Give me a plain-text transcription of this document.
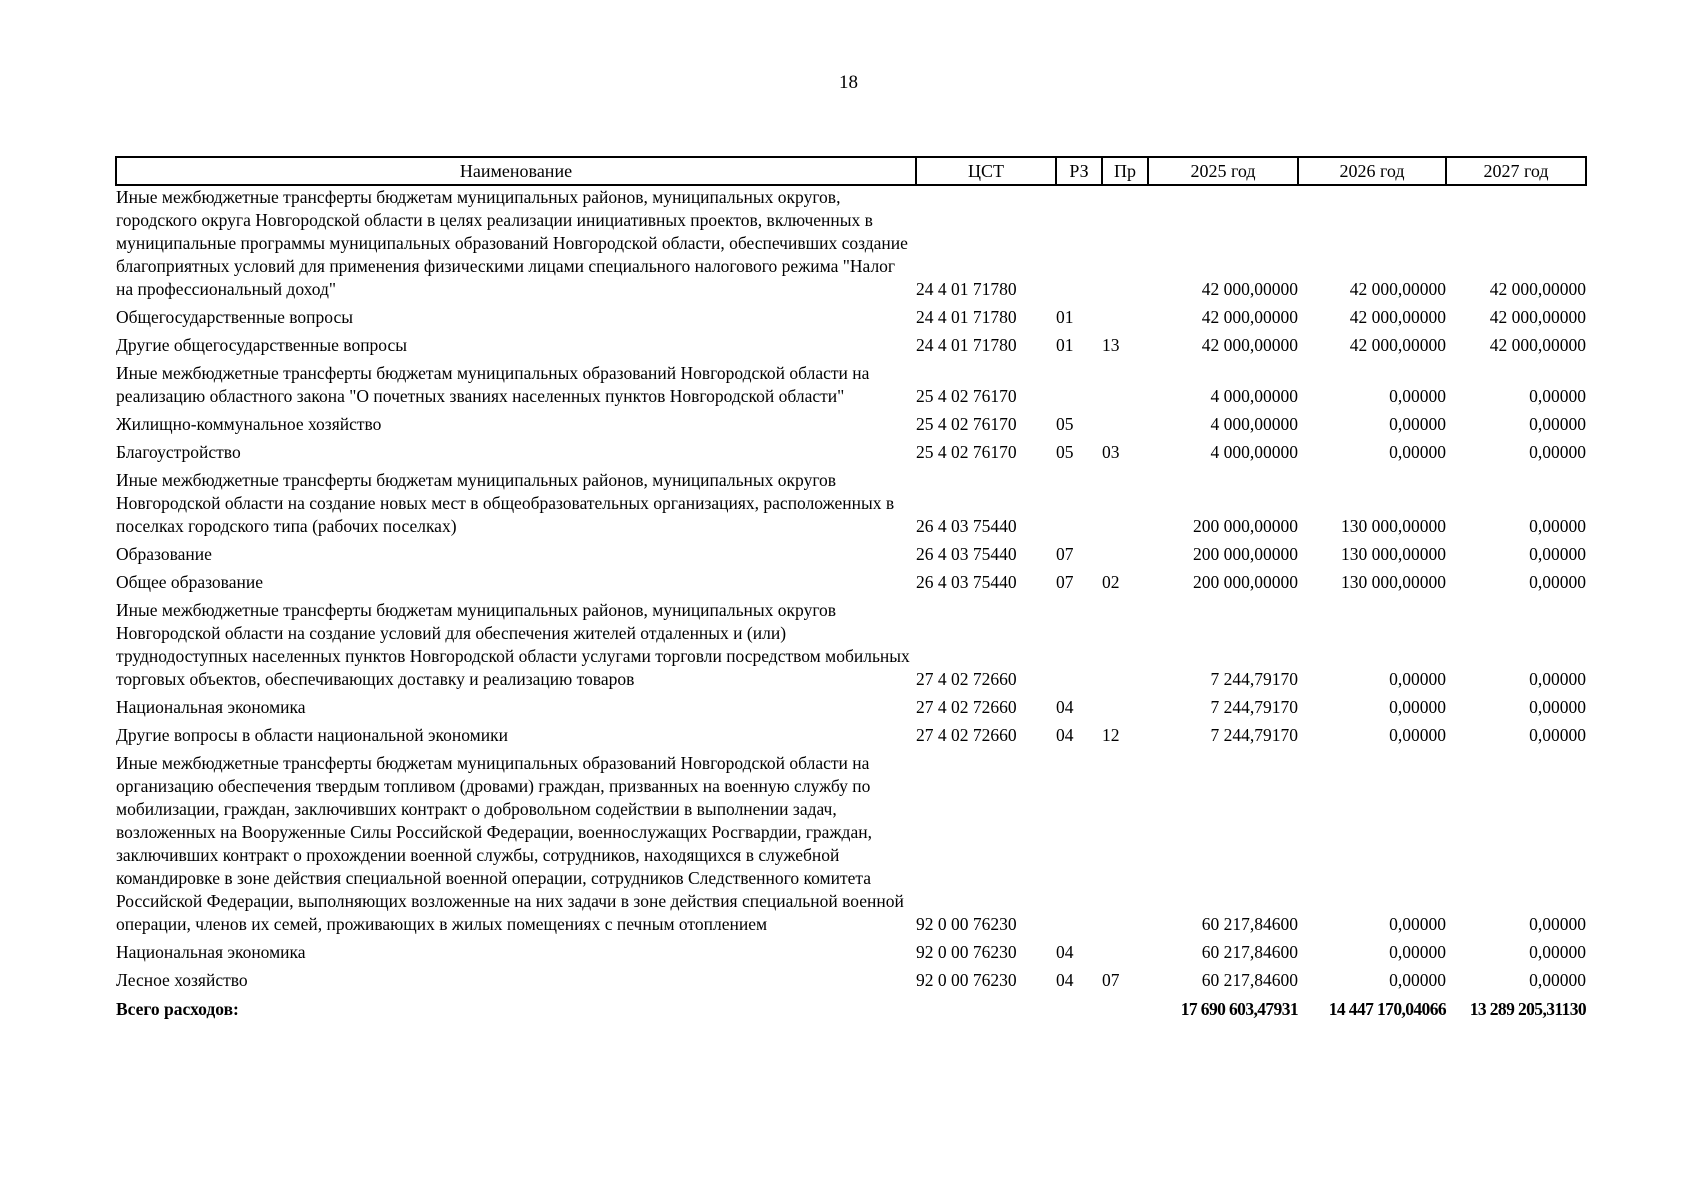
18
Наименование	ЦСТ	РЗ	Пр	2025 год	2026 год	2027 год
Иные межбюджетные трансферты бюджетам муниципальных районов, муниципальных округов, городского округа Новгородской области в целях реализации инициативных проектов, включенных в муниципальные программы муниципальных образований Новгородской области, обеспечивших создание благоприятных условий для применения физическими лицами специального налогового режима "Налог на профессиональный доход"	24 4 01 71780			42 000,00000	42 000,00000	42 000,00000
Общегосударственные вопросы	24 4 01 71780	01		42 000,00000	42 000,00000	42 000,00000
Другие общегосударственные вопросы	24 4 01 71780	01	13	42 000,00000	42 000,00000	42 000,00000
Иные межбюджетные трансферты бюджетам муниципальных образований Новгородской области на реализацию областного закона "О почетных званиях населенных пунктов Новгородской области"	25 4 02 76170			4 000,00000	0,00000	0,00000
Жилищно-коммунальное хозяйство	25 4 02 76170	05		4 000,00000	0,00000	0,00000
Благоустройство	25 4 02 76170	05	03	4 000,00000	0,00000	0,00000
Иные межбюджетные трансферты бюджетам муниципальных районов, муниципальных округов Новгородской области на создание новых мест в общеобразовательных организациях, расположенных в поселках городского типа (рабочих поселках)	26 4 03 75440			200 000,00000	130 000,00000	0,00000
Образование	26 4 03 75440	07		200 000,00000	130 000,00000	0,00000
Общее образование	26 4 03 75440	07	02	200 000,00000	130 000,00000	0,00000
Иные межбюджетные трансферты бюджетам муниципальных районов, муниципальных округов Новгородской области на создание условий для обеспечения жителей отдаленных и (или) труднодоступных населенных пунктов Новгородской области услугами торговли посредством мобильных торговых объектов, обеспечивающих доставку и реализацию товаров	27 4 02 72660			7 244,79170	0,00000	0,00000
Национальная экономика	27 4 02 72660	04		7 244,79170	0,00000	0,00000
Другие вопросы в области национальной экономики	27 4 02 72660	04	12	7 244,79170	0,00000	0,00000
Иные межбюджетные трансферты бюджетам муниципальных образований Новгородской области на организацию обеспечения твердым топливом (дровами) граждан, призванных на военную службу по мобилизации, граждан, заключивших контракт о добровольном содействии в выполнении задач, возложенных на Вооруженные Силы Российской Федерации, военнослужащих Росгвардии, граждан, заключивших контракт о прохождении военной службы, сотрудников, находящихся в служебной командировке в зоне действия специальной военной операции, сотрудников Следственного комитета Российской Федерации, выполняющих возложенные на них задачи в зоне действия специальной военной операции, членов их семей, проживающих в жилых помещениях с печным отоплением	92 0 00 76230			60 217,84600	0,00000	0,00000
Национальная экономика	92 0 00 76230	04		60 217,84600	0,00000	0,00000
Лесное хозяйство	92 0 00 76230	04	07	60 217,84600	0,00000	0,00000
Всего расходов:				17 690 603,47931	14 447 170,04066	13 289 205,31130
